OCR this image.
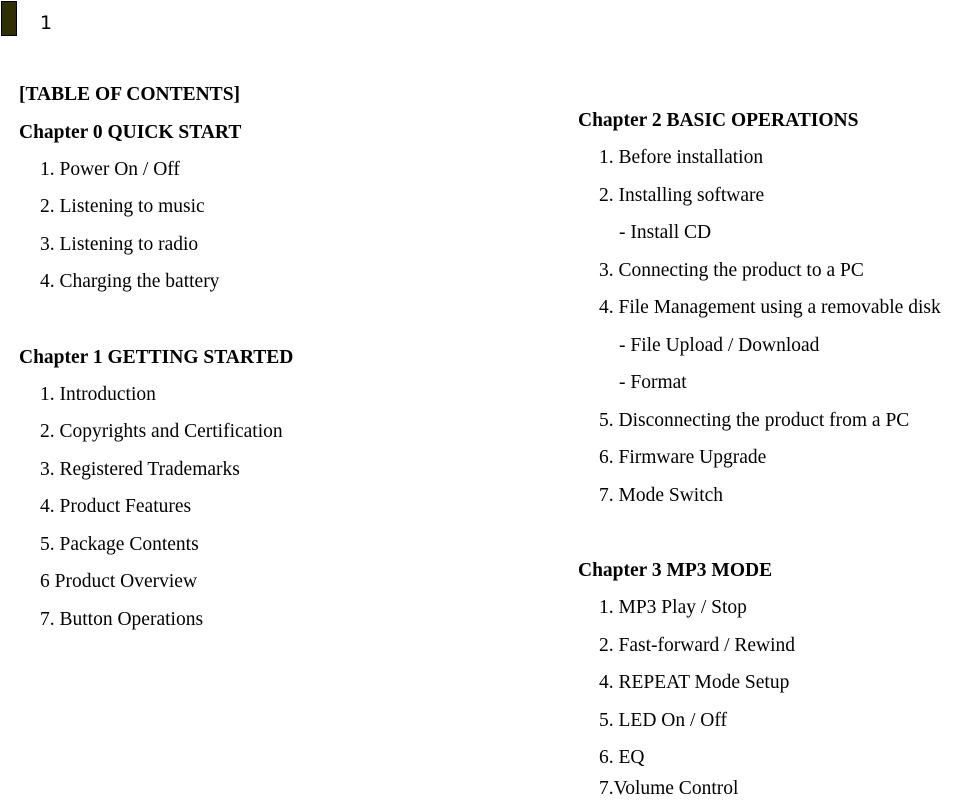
1
[TABLE OF CONTENTS]
Chapter 0 QUICK START
1. Power On / Off
2. Listening to music
3. Listening to radio
4. Charging the battery
Chapter 1 GETTING STARTED
1. Introduction
2. Copyrights and Certification
3. Registered Trademarks
4. Product Features
5. Package Contents
6 Product Overview
7. Button Operations
Chapter 2 BASIC OPERATIONS
1. Before installation
2. Installing software
- Install CD
3. Connecting the product to a PC
4. File Management using a removable disk
- File Upload / Download
- Format
5. Disconnecting the product from a PC
6. Firmware Upgrade
7. Mode Switch
Chapter 3 MP3 MODE
1. MP3 Play / Stop
2. Fast-forward / Rewind
4. REPEAT Mode Setup
5. LED On / Off
6. EQ
7.Volume Control
